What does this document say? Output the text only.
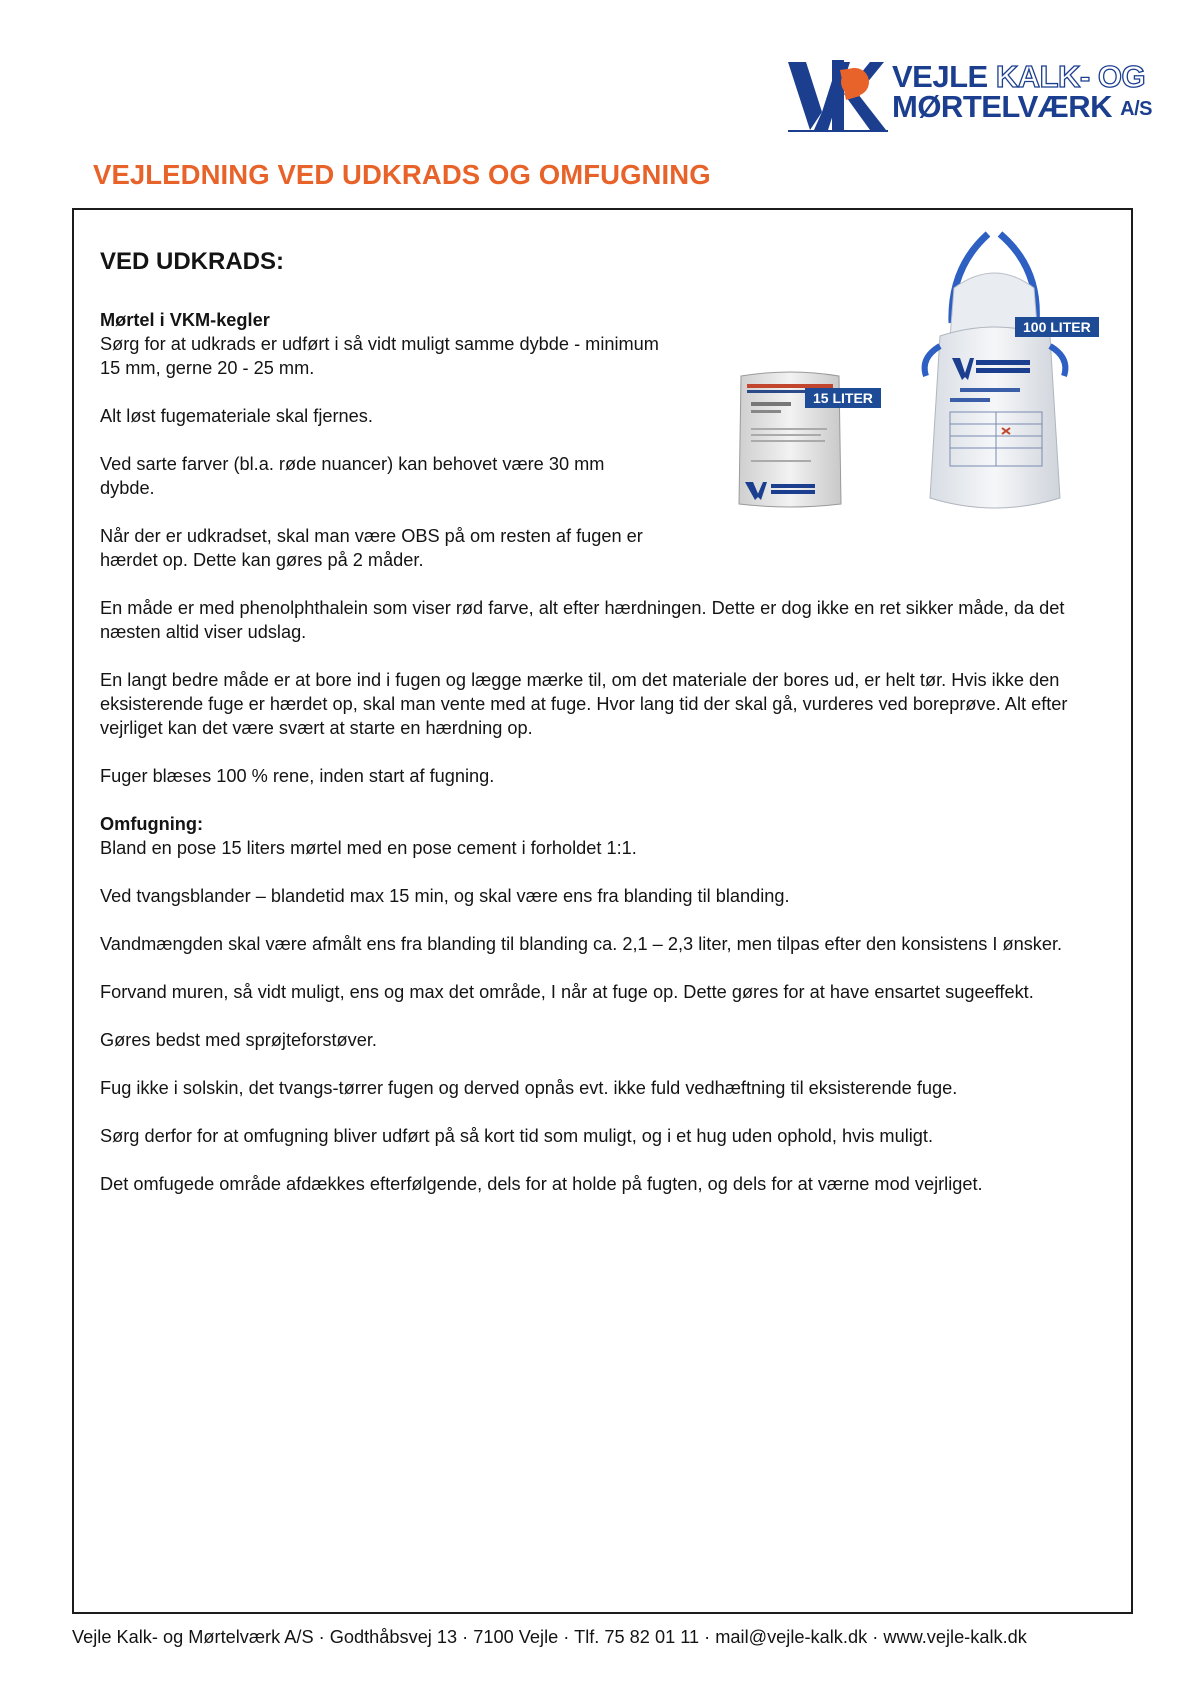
VEJLE KALK- OG
MØRTELVÆRK A/S
VEJLEDNING VED UDKRADS OG OMFUGNING
15 LITER
100 LITER
VED UDKRADS:

Mørtel i VKM-kegler
Sørg for at udkrads er udført i så vidt muligt samme dybde - minimum 15 mm, gerne 20 - 25 mm.

Alt løst fugemateriale skal fjernes.

Ved sarte farver (bl.a. røde nuancer) kan behovet være 30 mm dybde.

Når der er udkradset, skal man være OBS på om resten af fugen er hærdet op. Dette kan gøres på 2 måder.

En måde er med phenolphthalein som viser rød farve, alt efter hærdningen. Dette er dog ikke en ret sikker måde, da det næsten altid viser udslag.

En langt bedre måde er at bore ind i fugen og lægge mærke til, om det materiale der bores ud, er helt tør. Hvis ikke den eksisterende fuge er hærdet op, skal man vente med at fuge. Hvor lang tid der skal gå, vurderes ved boreprøve. Alt efter vejrliget kan det være svært at starte en hærdning op.

Fuger blæses 100 % rene, inden start af fugning.

Omfugning:
Bland en pose 15 liters mørtel med en pose cement i forholdet 1:1.

Ved tvangsblander – blandetid max 15 min, og skal være ens fra blanding til blanding.

Vandmængden skal være afmålt ens fra blanding til blanding ca. 2,1 – 2,3 liter, men tilpas efter den konsistens I ønsker.

Forvand muren, så vidt muligt, ens og max det område, I når at fuge op. Dette gøres for at have ensartet sugeeffekt.

Gøres bedst med sprøjteforstøver.

Fug ikke i solskin, det tvangs-tørrer fugen og derved opnås evt. ikke fuld vedhæftning til eksisterende fuge.

Sørg derfor for at omfugning bliver udført på så kort tid som muligt, og i et hug uden ophold, hvis muligt.

Det omfugede område afdækkes efterfølgende, dels for at holde på fugten, og dels for at værne mod vejrliget.

Vejle Kalk- og Mørtelværk A/S · Godthåbsvej 13 · 7100 Vejle · Tlf. 75 82 01 11 · mail@vejle-kalk.dk · www.vejle-kalk.dk
